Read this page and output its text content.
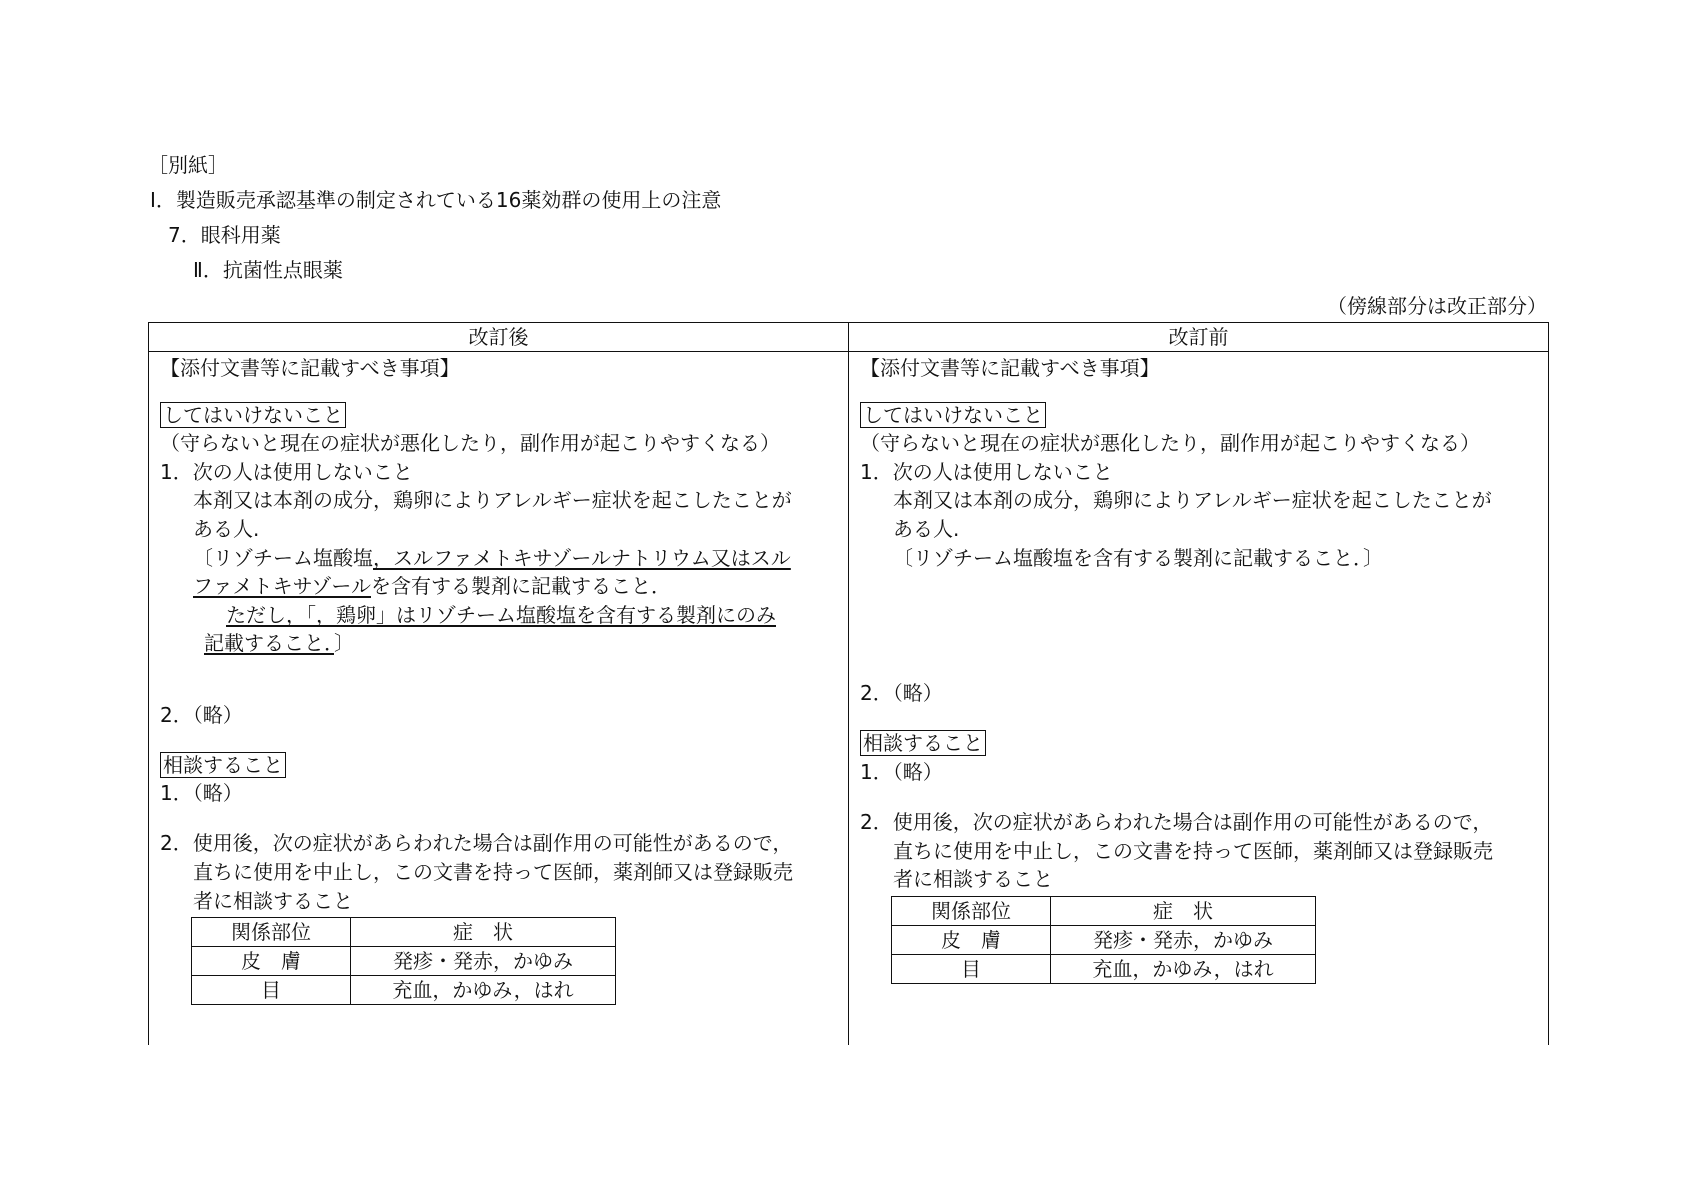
［別紙］
Ⅰ．製造販売承認基準の制定されている16薬効群の使用上の注意
7．眼科用薬
Ⅱ．抗菌性点眼薬
（傍線部分は改正部分）
改訂後	改訂前

【添付文書等に記載すべき事項】
してはいけないこと
（守らないと現在の症状が悪化したり，副作用が起こりやすくなる）
1．次の人は使用しないこと
本剤又は本剤の成分，鶏卵によりアレルギー症状を起こしたことが
ある人.
〔リゾチーム塩酸塩，スルファメトキサゾールナトリウム又はスル
ファメトキサゾールを含有する製剤に記載すること．
ただし，「，鶏卵」はリゾチーム塩酸塩を含有する製剤にのみ
記載すること．〕
2．（略）
相談すること
1．（略）
2．使用後，次の症状があらわれた場合は副作用の可能性があるので，
直ちに使用を中止し，この文書を持って医師，薬剤師又は登録販売
者に相談すること
関係部位	症　状
皮　膚	発疹・発赤，かゆみ
目	充血，かゆみ，はれ

【添付文書等に記載すべき事項】
してはいけないこと
（守らないと現在の症状が悪化したり，副作用が起こりやすくなる）
1．次の人は使用しないこと
本剤又は本剤の成分，鶏卵によりアレルギー症状を起こしたことが
ある人.
〔リゾチーム塩酸塩を含有する製剤に記載すること．〕
2．（略）
相談すること
1．（略）
2．使用後，次の症状があらわれた場合は副作用の可能性があるので，
直ちに使用を中止し，この文書を持って医師，薬剤師又は登録販売
者に相談すること
関係部位	症　状
皮　膚	発疹・発赤，かゆみ
目	充血，かゆみ，はれ
